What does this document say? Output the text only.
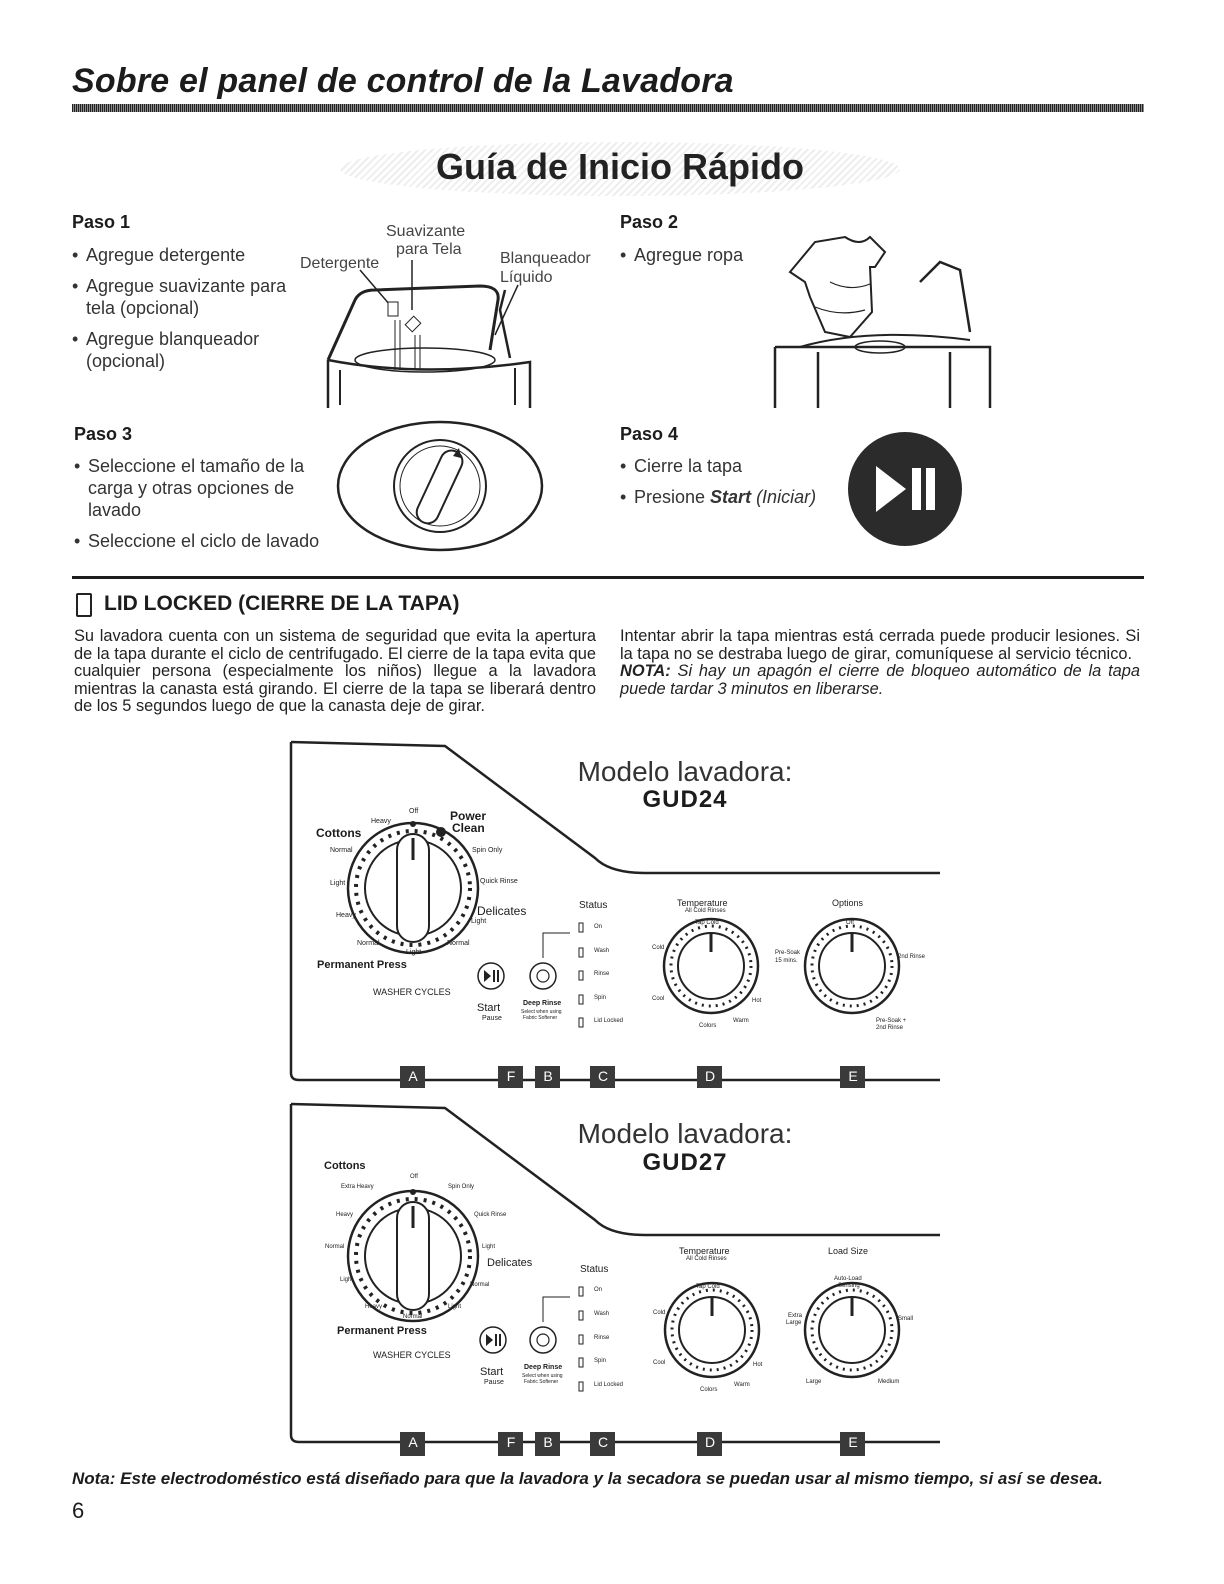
Sobre el panel de control de la Lavadora
Guía de Inicio Rápido
Paso 1
• Agregue detergente
• Agregue suavizante para tela (opcional)
• Agregue blanqueador (opcional)
Detergente
Suavizante
para Tela
Blanqueador
Líquido
Paso 2
• Agregue ropa
Paso 3
• Seleccione el tamaño de la carga y otras opciones de lavado
• Seleccione el ciclo de lavado
Paso 4
• Cierre la tapa
• Presione Start (Iniciar)
LID LOCKED (CIERRE DE LA TAPA)
Su lavadora cuenta con un sistema de seguridad que evita la apertura de la tapa durante el ciclo de centrifugado. El cierre de la tapa evita que cualquier persona (especialmente los niños) llegue a la lavadora mientras la canasta está girando. El cierre de la tapa se liberará dentro de los 5 segundos luego de que la canasta deje de girar.
Intentar abrir la tapa mientras está cerrada puede producir lesiones. Si la tapa no se destraba luego de girar, comuníquese al servicio técnico.
NOTA: Si hay un apagón el cierre de bloqueo automático de la tapa puede tardar 3 minutos en liberarse.
Modelo lavadora:
GUD24
Cottons
Heavy
Off	Power
Clean
Spin Only
Normal
Quick Rinse
Light
Heavy	Delicates
Light
Normal
Light
Normal
Permanent Press
WASHER CYCLES
Start
Pause
Deep Rinse
Select when using
Fabric Softener
Status
On
Wash
Rinse
Spin
Lid Locked
Temperature
All Cold Rinses
Tap Cold
Cold
Cool
Colors
Warm
Hot
Options
Off
Pre-Soak
15 mins.
2nd Rinse
Pre-Soak +
2nd Rinse
A	F B	C	D	E
Modelo lavadora:
GUD27
Cottons
Off
Extra Heavy	Spin Only
Heavy	Quick Rinse
Normal	Light
Delicates
Light
Normal
Heavy
Normal
Light
Permanent Press
WASHER CYCLES
Start
Pause
Deep Rinse
Select when using
Fabric Softener
Status
On
Wash
Rinse
Spin
Lid Locked
Temperature
All Cold Rinses
Tap Cold
Cold
Cool
Colors
Warm
Hot
Load Size
Auto-Load
Sensing
Extra
Large
Small
Large	Medium
A	F B	C	D	E
Nota: Este electrodoméstico está diseñado para que la lavadora y la secadora se puedan usar al mismo tiempo, si así se desea.
6
